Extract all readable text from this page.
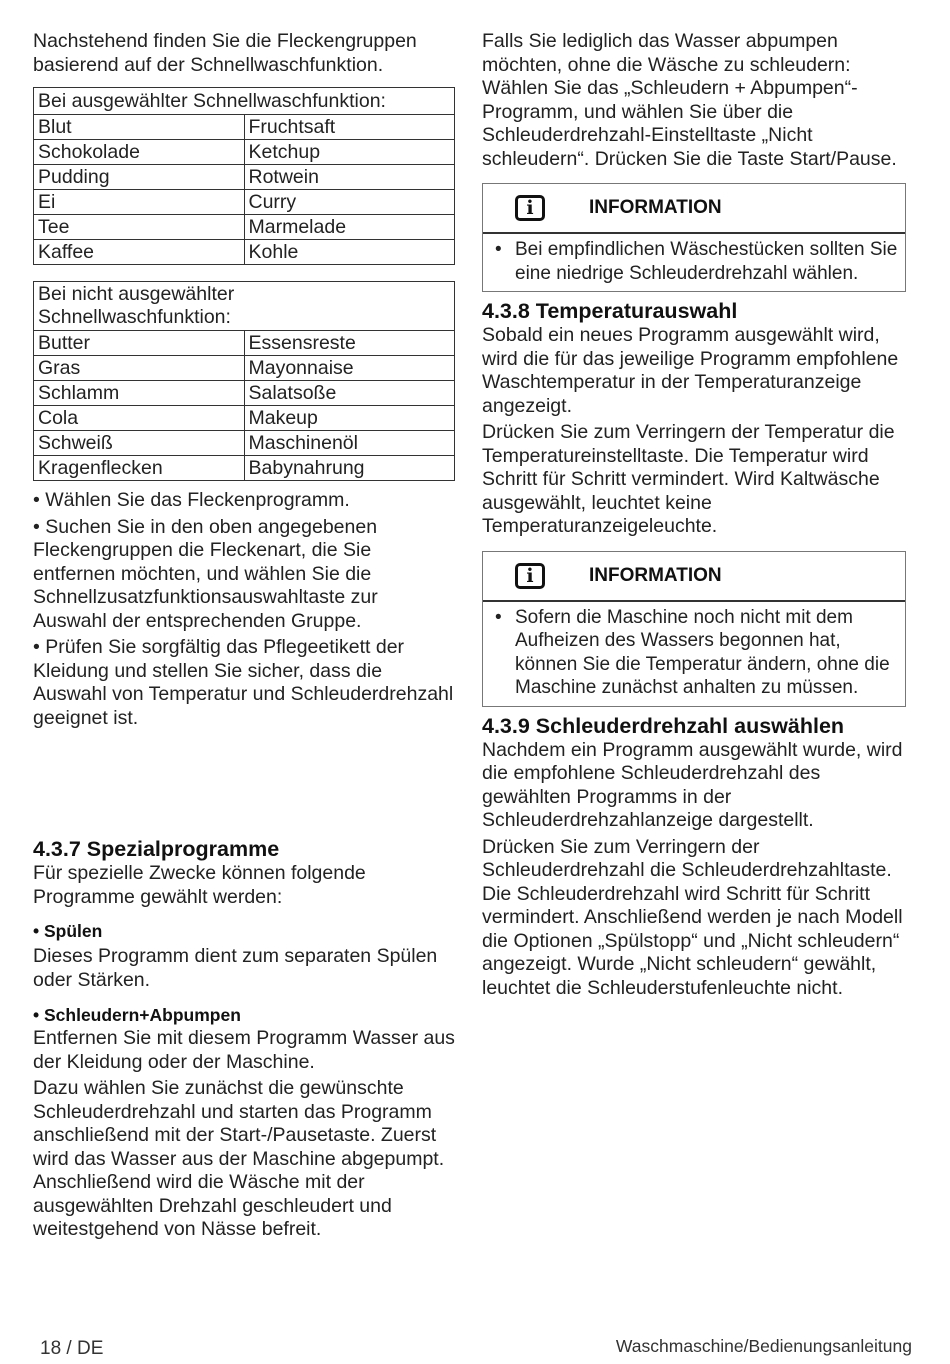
Nachstehend finden Sie die Fleckengruppen basierend auf der Schnellwaschfunktion.

Bei ausgewählter Schnellwaschfunktion:	
Blut	Fruchtsaft
Schokolade	Ketchup
Pudding	Rotwein
Ei	Curry
Tee	Marmelade
Kaffee	Kohle
Bei nicht ausgewählter Schnellwaschfunktion:	
Butter	Essensreste
Gras	Mayonnaise
Schlamm	Salatsoße
Cola	Makeup
Schweiß	Maschinenöl
Kragenflecken	Babynahrung

• Wählen Sie das Fleckenprogramm.

• Suchen Sie in den oben angegebenen Fleckengruppen die Fleckenart, die Sie entfernen möchten, und wählen Sie die Schnellzusatzfunktionsauswahltaste zur Auswahl der entsprechenden Gruppe.

• Prüfen Sie sorgfältig das Pflegeetikett der Kleidung und stellen Sie sicher, dass die Auswahl von Temperatur und Schleuderdrehzahl geeignet ist.

4.3.7 Spezialprogramme

Für spezielle Zwecke können folgende Programme gewählt werden:

• Spülen

Dieses Programm dient zum separaten Spülen oder Stärken.

• Schleudern+Abpumpen

Entfernen Sie mit diesem Programm Wasser aus der Kleidung oder der Maschine.

Dazu wählen Sie zunächst die gewünschte Schleuderdrehzahl und starten das Programm anschließend mit der Start-/Pausetaste. Zuerst wird das Wasser aus der Maschine abgepumpt. Anschließend wird die Wäsche mit der ausgewählten Drehzahl geschleudert und weitestgehend von Nässe befreit.

Falls Sie lediglich das Wasser abpumpen möchten, ohne die Wäsche zu schleudern: Wählen Sie das „Schleudern + Abpumpen“-Programm, und wählen Sie über die Schleuderdrehzahl-Einstelltaste „Nicht schleudern“. Drücken Sie die Taste Start/Pause.

i	INFORMATION
• Bei empfindlichen Wäschestücken sollten Sie eine niedrige Schleuderdrehzahl wählen.
4.3.8 Temperaturauswahl

Sobald ein neues Programm ausgewählt wird, wird die für das jeweilige Programm empfohlene Waschtemperatur in der Temperaturanzeige angezeigt.

Drücken Sie zum Verringern der Temperatur die Temperatureinstelltaste. Die Temperatur wird Schritt für Schritt vermindert. Wird Kaltwäsche ausgewählt, leuchtet keine Temperaturanzeigeleuchte.

i	INFORMATION
• Sofern die Maschine noch nicht mit dem Aufheizen des Wassers begonnen hat, können Sie die Temperatur ändern, ohne die Maschine zunächst anhalten zu müssen.
4.3.9 Schleuderdrehzahl auswählen

Nachdem ein Programm ausgewählt wurde, wird die empfohlene Schleuderdrehzahl des gewählten Programms in der Schleuderdrehzahlanzeige dargestellt.

Drücken Sie zum Verringern der Schleuderdrehzahl die Schleuderdrehzahltaste. Die Schleuderdrehzahl wird Schritt für Schritt vermindert. Anschließend werden je nach Modell die Optionen „Spülstopp“ und „Nicht schleudern“ angezeigt. Wurde „Nicht schleudern“ gewählt, leuchtet die Schleuderstufenleuchte nicht.

18 / DE	Waschmaschine/Bedienungsanleitung
